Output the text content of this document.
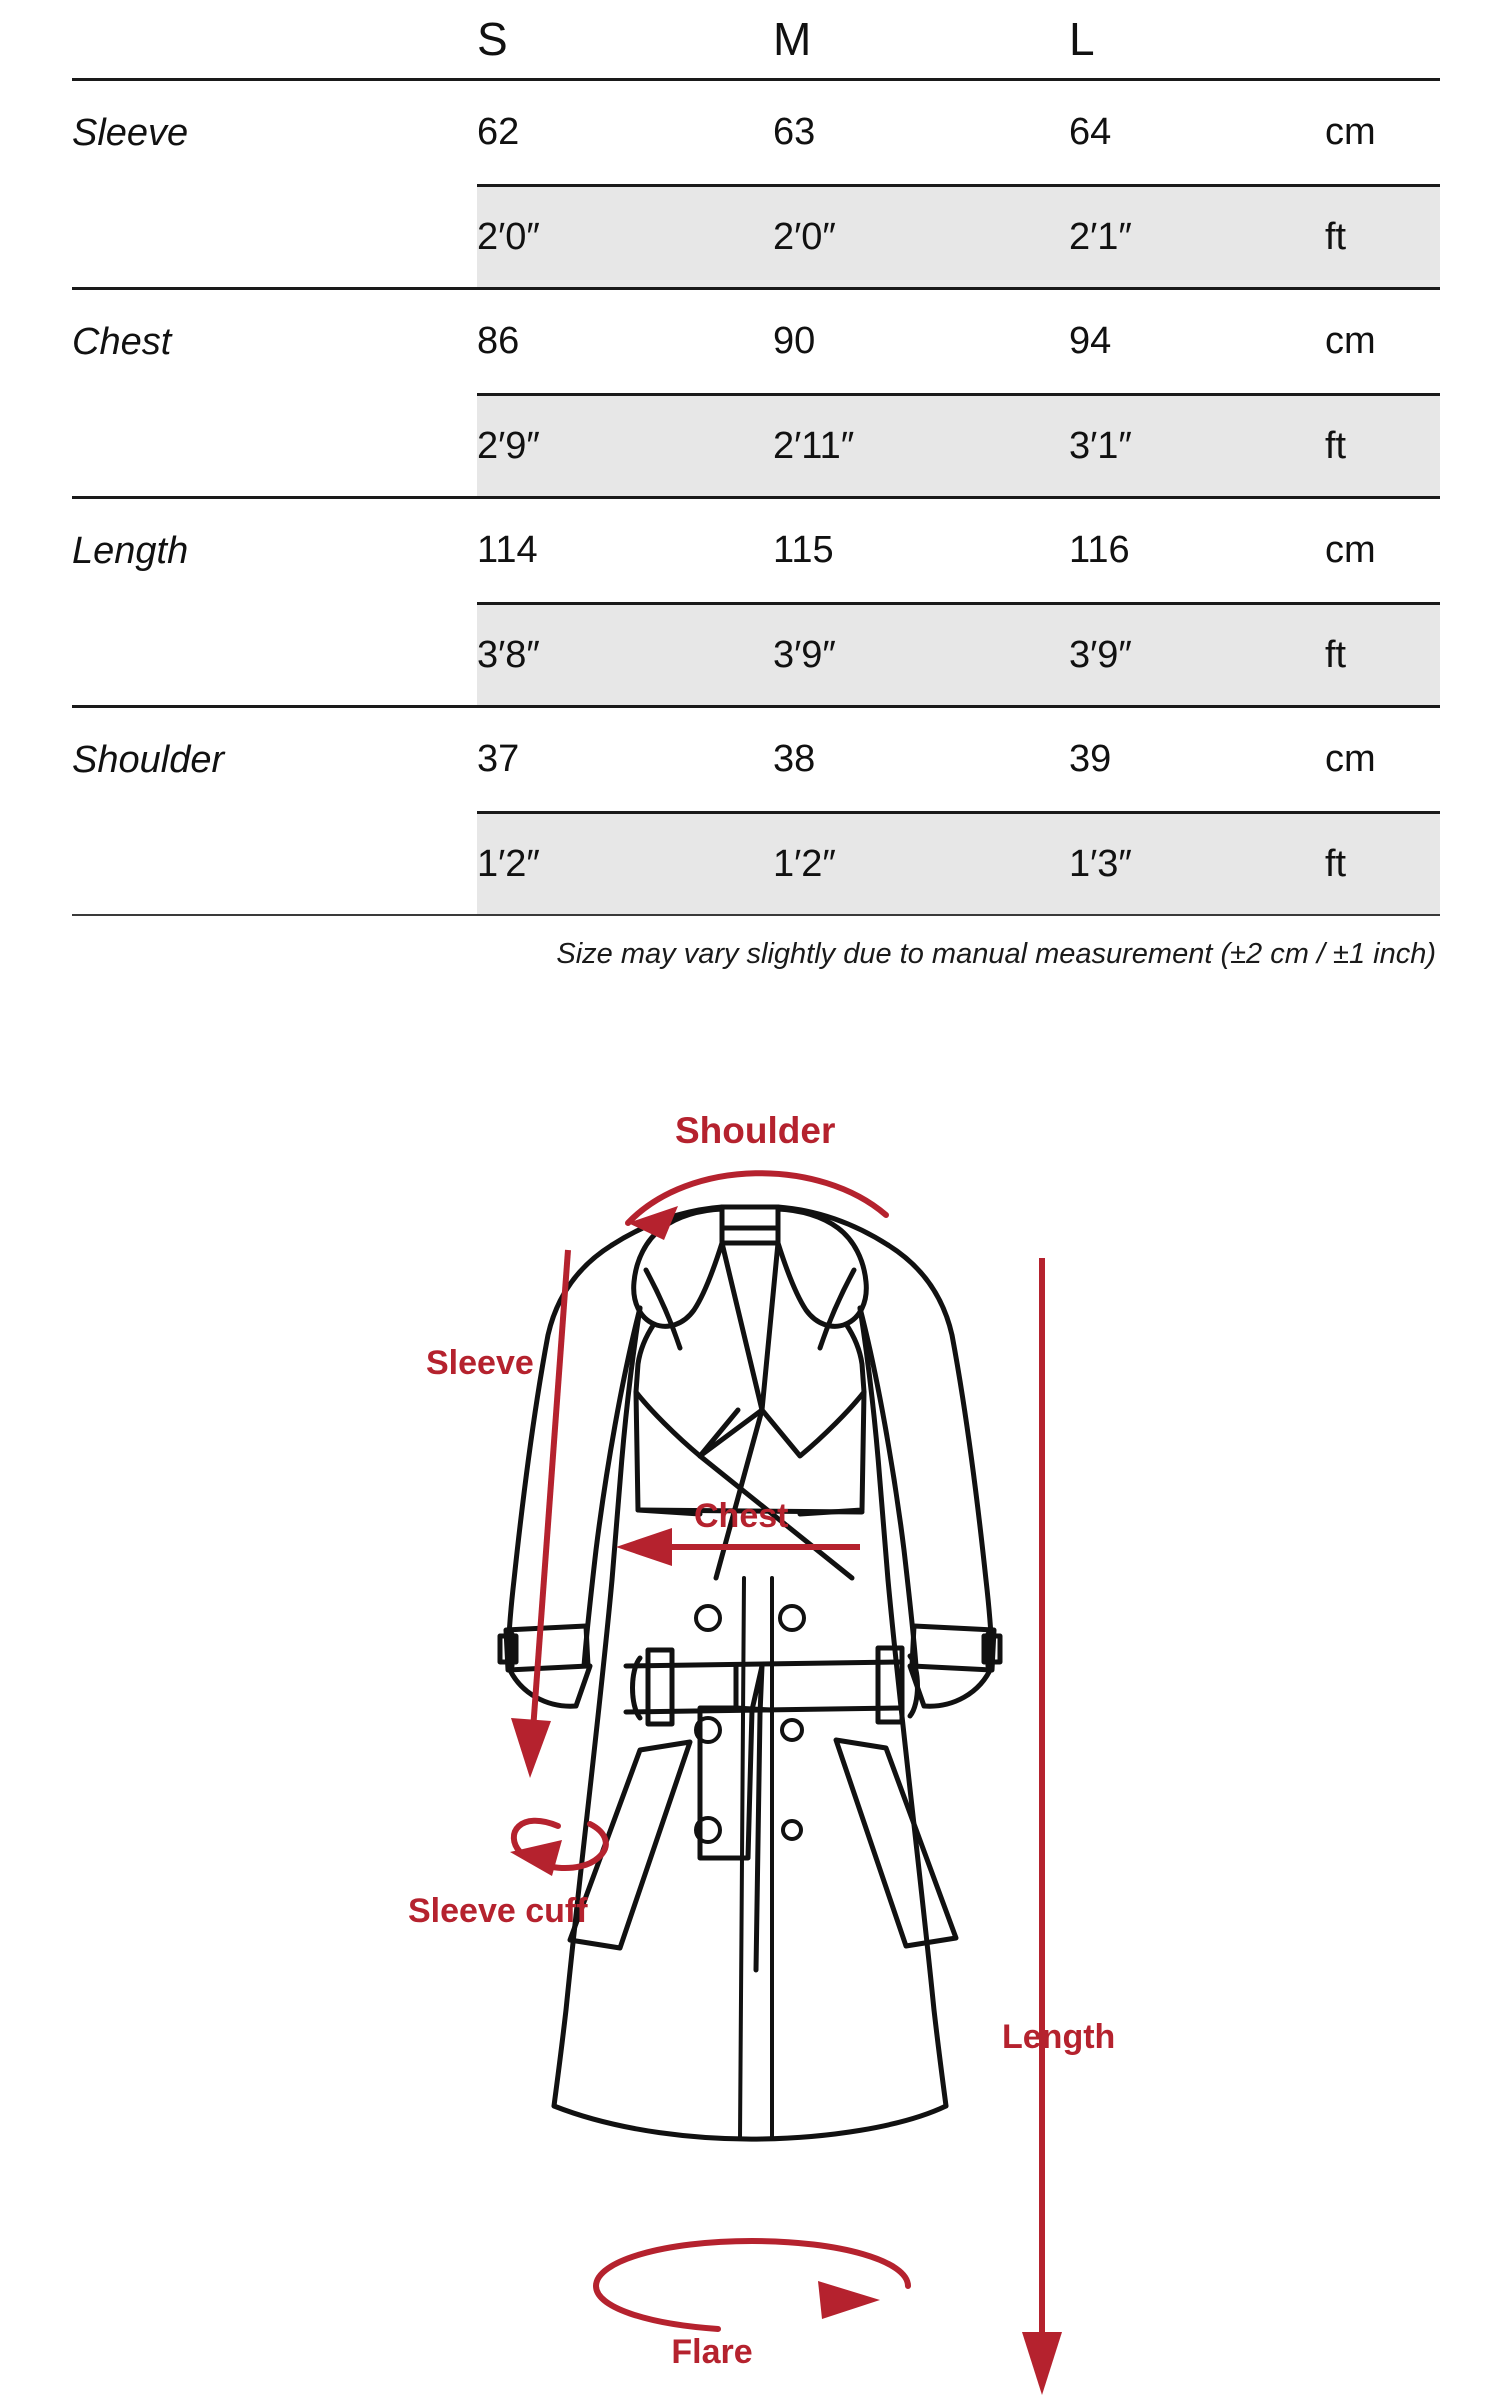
	S	M	L	

Sleeve	62	63	64	cm
	2′0″	2′0″	2′1″	ft

Chest	86	90	94	cm
	2′9″	2′11″	3′1″	ft

Length	114	115	116	cm
	3′8″	3′9″	3′9″	ft

Shoulder	37	38	39	cm
	1′2″	1′2″	1′3″	ft

Size may vary slightly due to manual measurement (±2 cm / ±1 inch)
Shoulder
Chest
Sleeve
Sleeve cuff
Length
Flare
